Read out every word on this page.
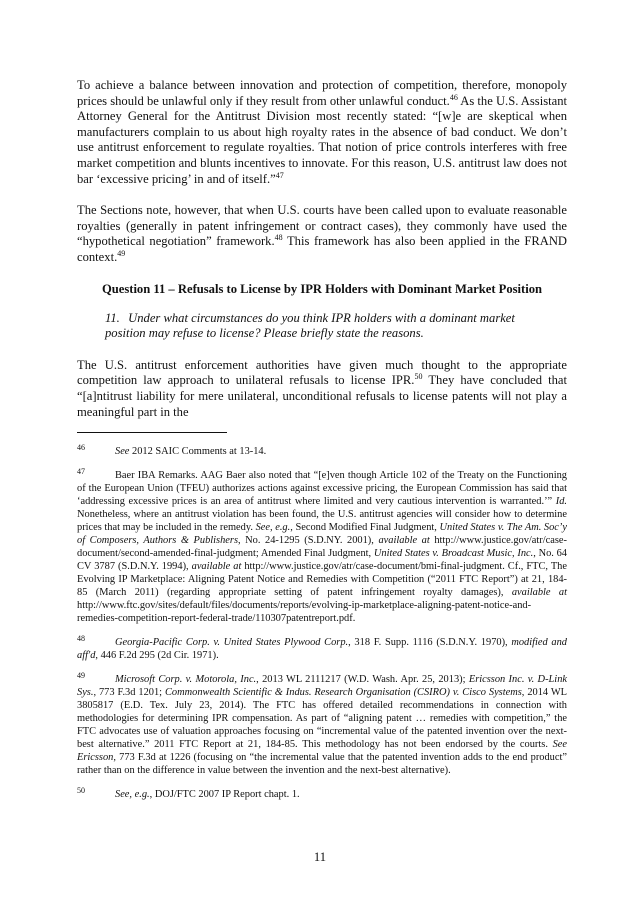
To achieve a balance between innovation and protection of competition, therefore, monopoly prices should be unlawful only if they result from other unlawful conduct.$^{46}$ As the U.S. Assistant Attorney General for the Antitrust Division most recently stated: “[w]e are skeptical when manufacturers complain to us about high royalty rates in the absence of bad conduct. We don’t use antitrust enforcement to regulate royalties. That notion of price controls interferes with free market competition and blunts incentives to innovate. For this reason, U.S. antitrust law does not bar ‘excessive pricing’ in and of itself.”$^{47}$

The Sections note, however, that when U.S. courts have been called upon to evaluate reasonable royalties (generally in patent infringement or contract cases), they commonly have used the “hypothetical negotiation” framework.$^{48}$ This framework has also been applied in the FRAND context.$^{49}$

Question 11 – Refusals to License by IPR Holders with Dominant Market Position
11. Under what circumstances do you think IPR holders with a dominant market position may refuse to license? Please briefly state the reasons.

The U.S. antitrust enforcement authorities have given much thought to the appropriate competition law approach to unilateral refusals to license IPR.$^{50}$ They have concluded that “[a]ntitrust liability for mere unilateral, unconditional refusals to license patents will not play a meaningful part in the

46	See 2012 SAIC Comments at 13-14.
47	Baer IBA Remarks. AAG Baer also noted that “[e]ven though Article 102 of the Treaty on the Functioning of the European Union (TFEU) authorizes actions against excessive pricing, the European Commission has said that ‘addressing excessive prices is an area of antitrust where limited and very cautious intervention is warranted.’” Id. Nonetheless, where an antitrust violation has been found, the U.S. antitrust agencies will consider how to determine prices that may be included in the remedy. See, e.g., Second Modified Final Judgment, United States v. The Am. Soc’y of Composers, Authors & Publishers, No. 24-1295 (S.D.NY. 2001), available at http://www.justice.gov/atr/case-document/second-amended-final-judgment; Amended Final Judgment, United States v. Broadcast Music, Inc., No. 64 CV 3787 (S.D.N.Y. 1994), available at http://www.justice.gov/atr/case-document/bmi-final-judgment. Cf., FTC, The Evolving IP Marketplace: Aligning Patent Notice and Remedies with Competition (“2011 FTC Report”) at 21, 184-85 (March 2011) (regarding appropriate setting of patent infringement royalty damages), available at http://www.ftc.gov/sites/default/files/documents/reports/evolving-ip-marketplace-aligning-patent-notice-and-remedies-competition-report-federal-trade/110307patentreport.pdf.
48	Georgia-Pacific Corp. v. United States Plywood Corp., 318 F. Supp. 1116 (S.D.N.Y. 1970), modified and aff'd, 446 F.2d 295 (2d Cir. 1971).
49	Microsoft Corp. v. Motorola, Inc., 2013 WL 2111217 (W.D. Wash. Apr. 25, 2013); Ericsson Inc. v. D-Link Sys., 773 F.3d 1201; Commonwealth Scientific & Indus. Research Organisation (CSIRO) v. Cisco Systems, 2014 WL 3805817 (E.D. Tex. July 23, 2014). The FTC has offered detailed recommendations in connection with methodologies for determining IPR compensation. As part of “aligning patent … remedies with competition,” the FTC advocates use of valuation approaches focusing on “incremental value of the patented invention over the next-best alternative.” 2011 FTC Report at 21, 184-85. This methodology has not been endorsed by the courts. See Ericsson, 773 F.3d at 1226 (focusing on “the incremental value that the patented invention adds to the end product” rather than on the difference in value between the invention and the next-best alternative).
50	See, e.g., DOJ/FTC 2007 IP Report chapt. 1.
11
